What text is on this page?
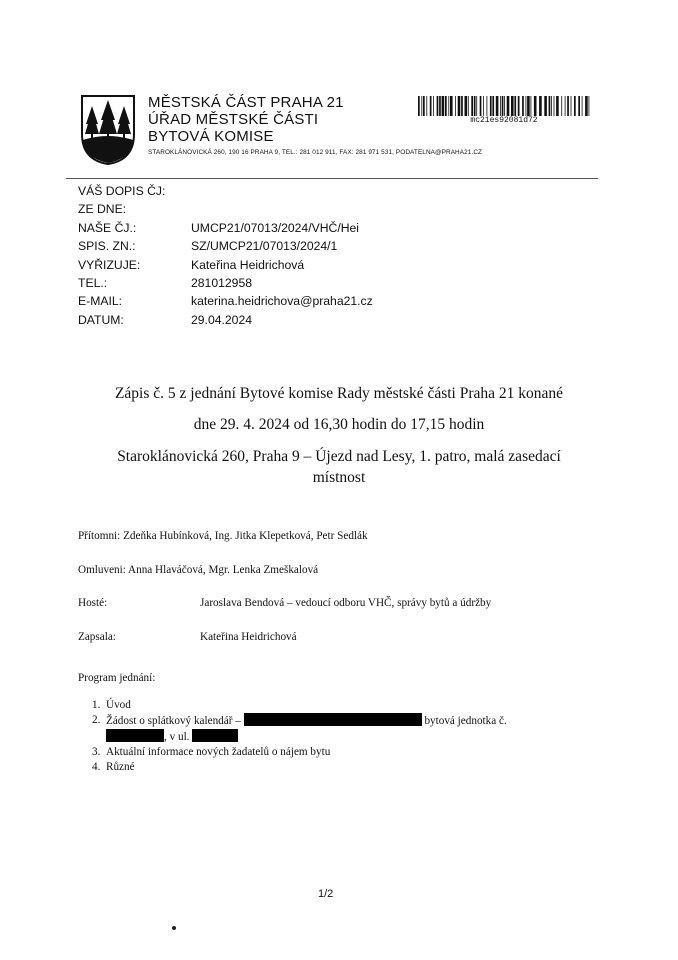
MĚSTSKÁ ČÁST PRAHA 21
ÚŘAD MĚSTSKÉ ČÁSTI
BYTOVÁ KOMISE
STAROKLÁNOVICKÁ 260, 190 16 PRAHA 9, TEL.: 281 012 911, FAX: 281 971 531, PODATELNA@PRAHA21.CZ
mc21es92081d72
VÁŠ DOPIS ČJ:
ZE DNE:
NAŠE ČJ.:	UMCP21/07013/2024/VHČ/Hei
SPIS. ZN.:	SZ/UMCP21/07013/2024/1
VYŘIZUJE:	Kateřina Heidrichová
TEL.:	281012958
E-MAIL:	katerina.heidrichova@praha21.cz
DATUM:	29.04.2024
Zápis č. 5 z jednání Bytové komise Rady městské části Praha 21 konané
dne 29. 4. 2024 od 16,30 hodin do 17,15 hodin
Staroklánovická 260, Praha 9 – Újezd nad Lesy, 1. patro, malá zasedací
místnost
Přítomni: Zdeňka Hubínková, Ing. Jitka Klepetková, Petr Sedlák
Omluveni: Anna Hlaváčová, Mgr. Lenka Zmeškalová
Hosté:	Jaroslava Bendová – vedoucí odboru VHČ, správy bytů a údržby
Zapsala:	Kateřina Heidrichová
Program jednání:
1. Úvod
2. Žádost o splátkový kalendář –	bytová jednotka č.
, v ul.
3. Aktuální informace nových žadatelů o nájem bytu
4. Různé
1/2
